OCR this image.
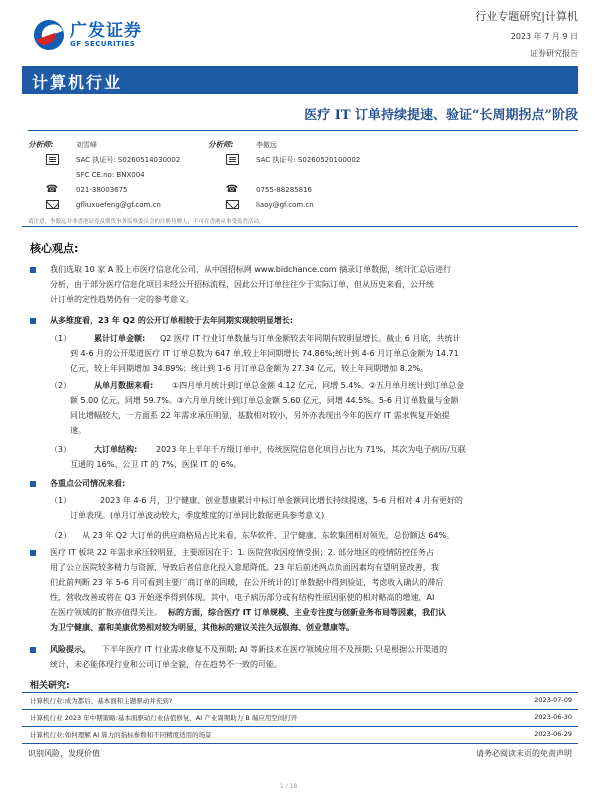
广发证券
GF SECURITIES
行业专题研究|计算机
2023 年 7 月 9 日
证券研究报告
计算机行业
医疗 IT 订单持续提速、验证“长周期拐点”阶段
分析师:	刘雪峰
SAC 执证号: S0260514030002
SFC CE.no: BNX004
☎	021-38003675
gfliuxuefeng@gf.com.cn
分析师:	李傲远
SAC 执证号: S0260520100002
☎	0755-88285816
liaoy@gf.com.cn
请注意，李傲远并非香港证券及期货事务监察委员会的注册持牌人，不可在香港从事受监管活动。
核心观点:
我们选取 10 家 A 股上市医疗信息化公司，从中国招标网 www.bidchance.com 摘录订单数据，统计汇总后进行
分析，由于部分医疗信息化项目未经公开招标流程，因此公开订单往往少于实际订单，但从历史来看，公开统
计订单的定性趋势仍有一定的参考意义。
从多维度看，23 年 Q2 的公开订单相较于去年同期实现较明显增长:
（1）	累计订单金额: Q2 医疗 IT 行业订单数量与订单金额较去年同期有较明显增长。截止 6 月底，共统计
到 4-6 月的公开渠道医疗 IT 订单总数为 647 单,较上年同期增长 74.86%;统计到 4-6 月订单总金额为 14.71
亿元，较上年同期增加 34.89%；统计到 1-6 月订单总金额为 27.34 亿元，较上年同期增加 8.2%。
（2）	从单月数据来看: ①四月单月统计到订单总金额 4.12 亿元，同增 5.4%。②五月单月统计到订单总金
额 5.00 亿元，同增 59.7%。③六月单月统计到订单总金额 5.60 亿元，同增 44.5%。5-6 月订单数量与金额
同比增幅较大，一方面系 22 年需求承压明显，基数相对较小，另外亦表现出今年的医疗 IT 需求恢复开始提
速。
（3）	大订单结构: 2023 年上半年千万级订单中，传统医院信息化项目占比为 71%，其次为电子病历/互联
互通的 16%、公卫 IT 的 7%、医保 IT 的 6%。
各重点公司情况来看:
（1）	2023 年 4-6 月，卫宁健康、创业慧康累计中标订单金额同比增长持续提速，5-6 月相对 4 月有更好的
订单表现。(单月订单波动较大，季度维度的订单同比数据更具参考意义)
（2） 从 23 年 Q2 大订单的供应商格局占比来看，东华软件、卫宁健康、东软集团相对领先，总份额达 64%。
医疗 IT 板块 22 年需求承压较明显，主要原因在于：1. 医院营收因疫情受损；2. 部分地区的疫情防控任务占
用了公立医院较多精力与资源，导致后者信息化投入意愿降低。23 年后前述两点负面因素均有望明显改善，我
们此前判断 23 年 5-6 月可看到主要厂商订单的回暖，在公开统计的订单数据中得到验证，考虑收入确认的滞后
性，营收改善或将在 Q3 开始逐季得到体现。其中，电子病历部分或有结构性原因驱使的相对略高的增速，AI
在医疗领域的扩散亦值得关注。 标的方面，综合医疗 IT 订单规模、主业专注度与创新业务布局等因素，我们认
为卫宁健康、嘉和美康优势相对较为明显，其他标的建议关注久远银海、创业慧康等。
风险提示。 下半年医疗 IT 行业需求修复不及预期; AI 等新技术在医疗领域应用不及预期; 只是根据公开渠道的
统计，未必能体现行业和公司订单全貌，存在趋势不一致的可能。
相关研究:
计算机行业:成为都后、基本面和主题驱动并充到?	2023-07-09
计算机行业 2023 年中期策略:基本面驱动行业估值修复、AI 产业周期助力 B 端应用空间打开	2023-06-30
计算机行业:如何理解 AI 算力的指标参数和不同精度适用的场景	2023-06-29
识别风险，发现价值	请务必阅读末页的免责声明
1 / 18
